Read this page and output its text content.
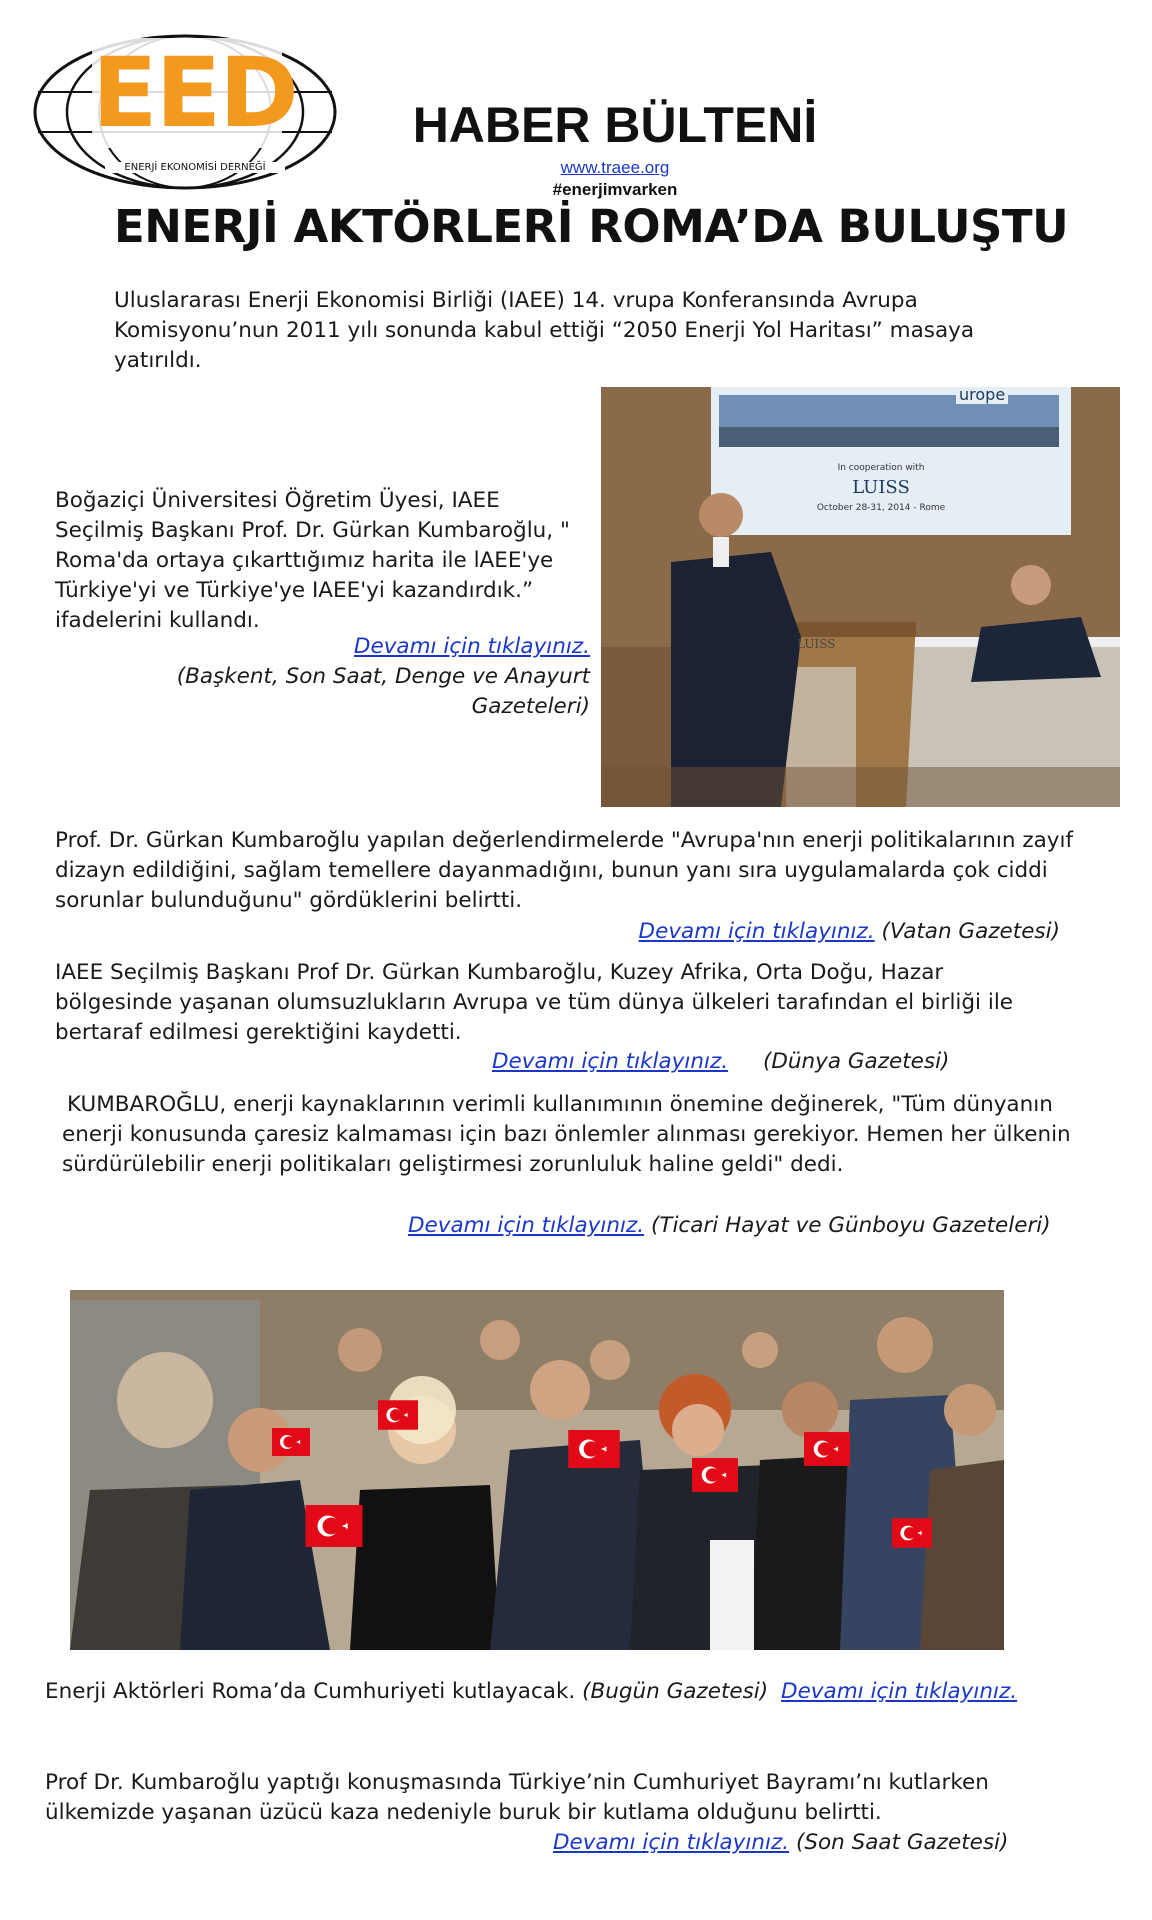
EED
ENERJİ EKONOMİSİ DERNEĞİ
HABER BÜLTENİ
www.traee.org
#enerjimvarken
ENERJİ AKTÖRLERİ ROMA’DA BULUŞTU

Uluslararası Enerji Ekonomisi Birliği (IAEE) 14. vrupa Konferansında Avrupa Komisyonu’nun 2011 yılı sonunda kabul ettiği “2050 Enerji Yol Haritası” masaya yatırıldı.

Boğaziçi Üniversitesi Öğretim Üyesi, IAEE Seçilmiş Başkanı Prof. Dr. Gürkan Kumbaroğlu, " Roma'da ortaya çıkarttığımız harita ile lAEE'ye Türkiye'yi ve Türkiye'ye IAEE'yi kazandırdık.” ifadelerini kullandı.

Devamı için tıklayınız.
(Başkent, Son Saat, Denge ve Anayurt Gazeteleri)
urope
In cooperation with
LUISS
October 28-31, 2014 - Rome
LUISS

Prof. Dr. Gürkan Kumbaroğlu yapılan değerlendirmelerde "Avrupa'nın enerji politikalarının zayıf dizayn edildiğini, sağlam temellere dayanmadığını, bunun yanı sıra uygulamalarda çok ciddi sorunlar bulunduğunu" gördüklerini belirtti.

Devamı için tıklayınız. (Vatan Gazetesi)

IAEE Seçilmiş Başkanı Prof Dr. Gürkan Kumbaroğlu, Kuzey Afrika, Orta Doğu, Hazar bölgesinde yaşanan olumsuzlukların Avrupa ve tüm dünya ülkeleri tarafından el birliği ile bertaraf edilmesi gerektiğini kaydetti.

Devamı için tıklayınız. (Dünya Gazetesi)

KUMBAROĞLU, enerji kaynaklarının verimli kullanımının önemine değinerek, "Tüm dünyanın enerji konusunda çaresiz kalmaması için bazı önlemler alınması gerekiyor. Hemen her ülkenin sürdürülebilir enerji politikaları geliştirmesi zorunluluk haline geldi" dedi.

Devamı için tıklayınız. (Ticari Hayat ve Günboyu Gazeteleri)
Enerji Aktörleri Roma’da Cumhuriyeti kutlayacak. (Bugün Gazetesi) Devamı için tıklayınız.

Prof Dr. Kumbaroğlu yaptığı konuşmasında Türkiye’nin Cumhuriyet Bayramı’nı kutlarken ülkemizde yaşanan üzücü kaza nedeniyle buruk bir kutlama olduğunu belirtti.

Devamı için tıklayınız. (Son Saat Gazetesi)
